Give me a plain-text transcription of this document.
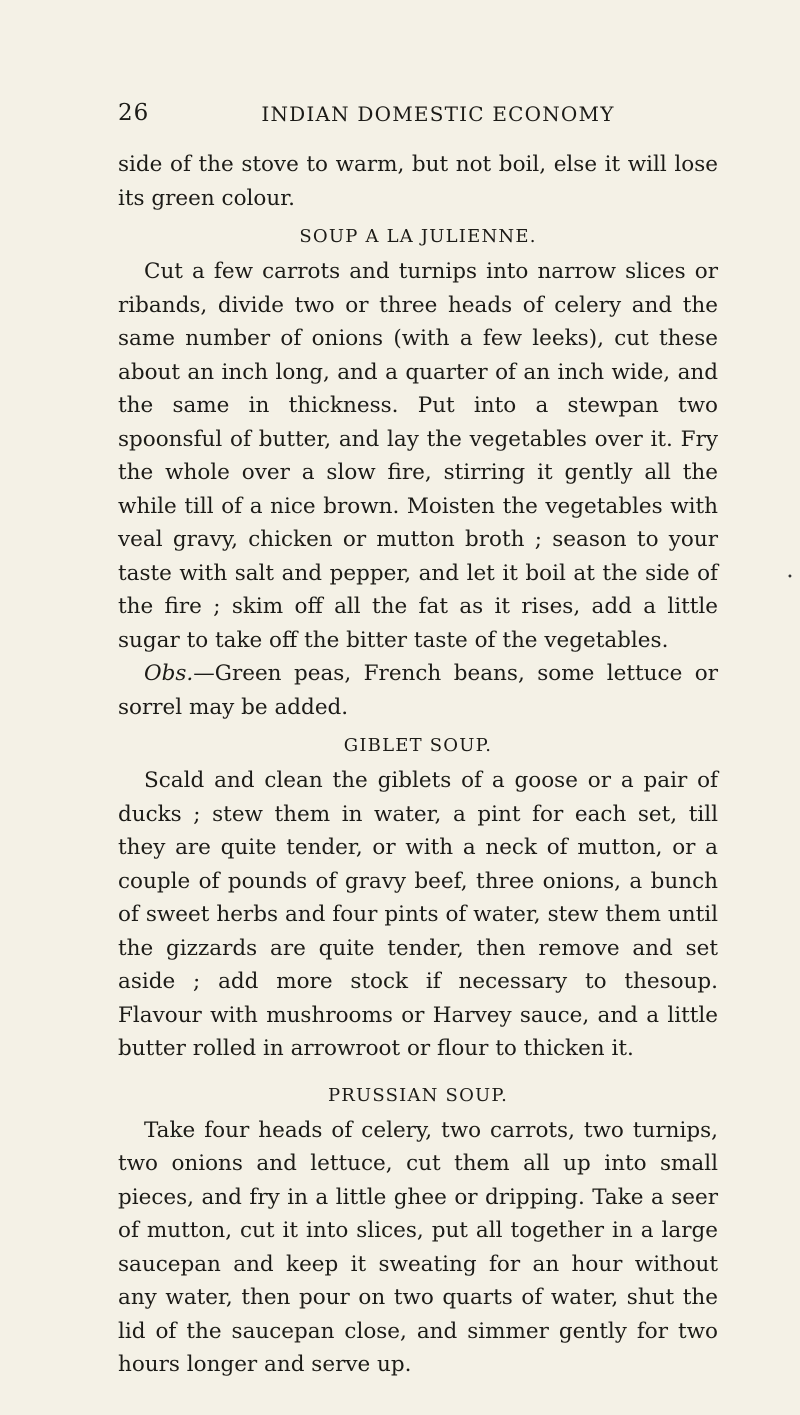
26	INDIAN DOMESTIC ECONOMY

side of the stove to warm, but not boil, else it will lose its green colour.

SOUP A LA JULIENNE.

Cut a few carrots and turnips into narrow slices or ribands, divide two or three heads of celery and the same number of onions (with a few leeks), cut these about an inch long, and a quarter of an inch wide, and the same in thickness. Put into a stewpan two spoonsful of butter, and lay the vegetables over it. Fry the whole over a slow fire, stirring it gently all the while till of a nice brown. Moisten the vegetables with veal gravy, chicken or mutton broth ; season to your taste with salt and pepper, and let it boil at the side of the fire ; skim off all the fat as it rises, add a little sugar to take off the bitter taste of the vegetables.

Obs.—Green peas, French beans, some lettuce or sorrel may be added.

GIBLET SOUP.

Scald and clean the giblets of a goose or a pair of ducks ; stew them in water, a pint for each set, till they are quite tender, or with a neck of mutton, or a couple of pounds of gravy beef, three onions, a bunch of sweet herbs and four pints of water, stew them until the gizzards are quite tender, then remove and set aside ; add more stock if necessary to thesoup. Flavour with mushrooms or Harvey sauce, and a little butter rolled in arrowroot or flour to thicken it.

PRUSSIAN SOUP.

Take four heads of celery, two carrots, two turnips, two onions and lettuce, cut them all up into small pieces, and fry in a little ghee or dripping. Take a seer of mutton, cut it into slices, put all together in a large saucepan and keep it sweating for an hour without any water, then pour on two quarts of water, shut the lid of the saucepan close, and simmer gently for two hours longer and serve up.

•
